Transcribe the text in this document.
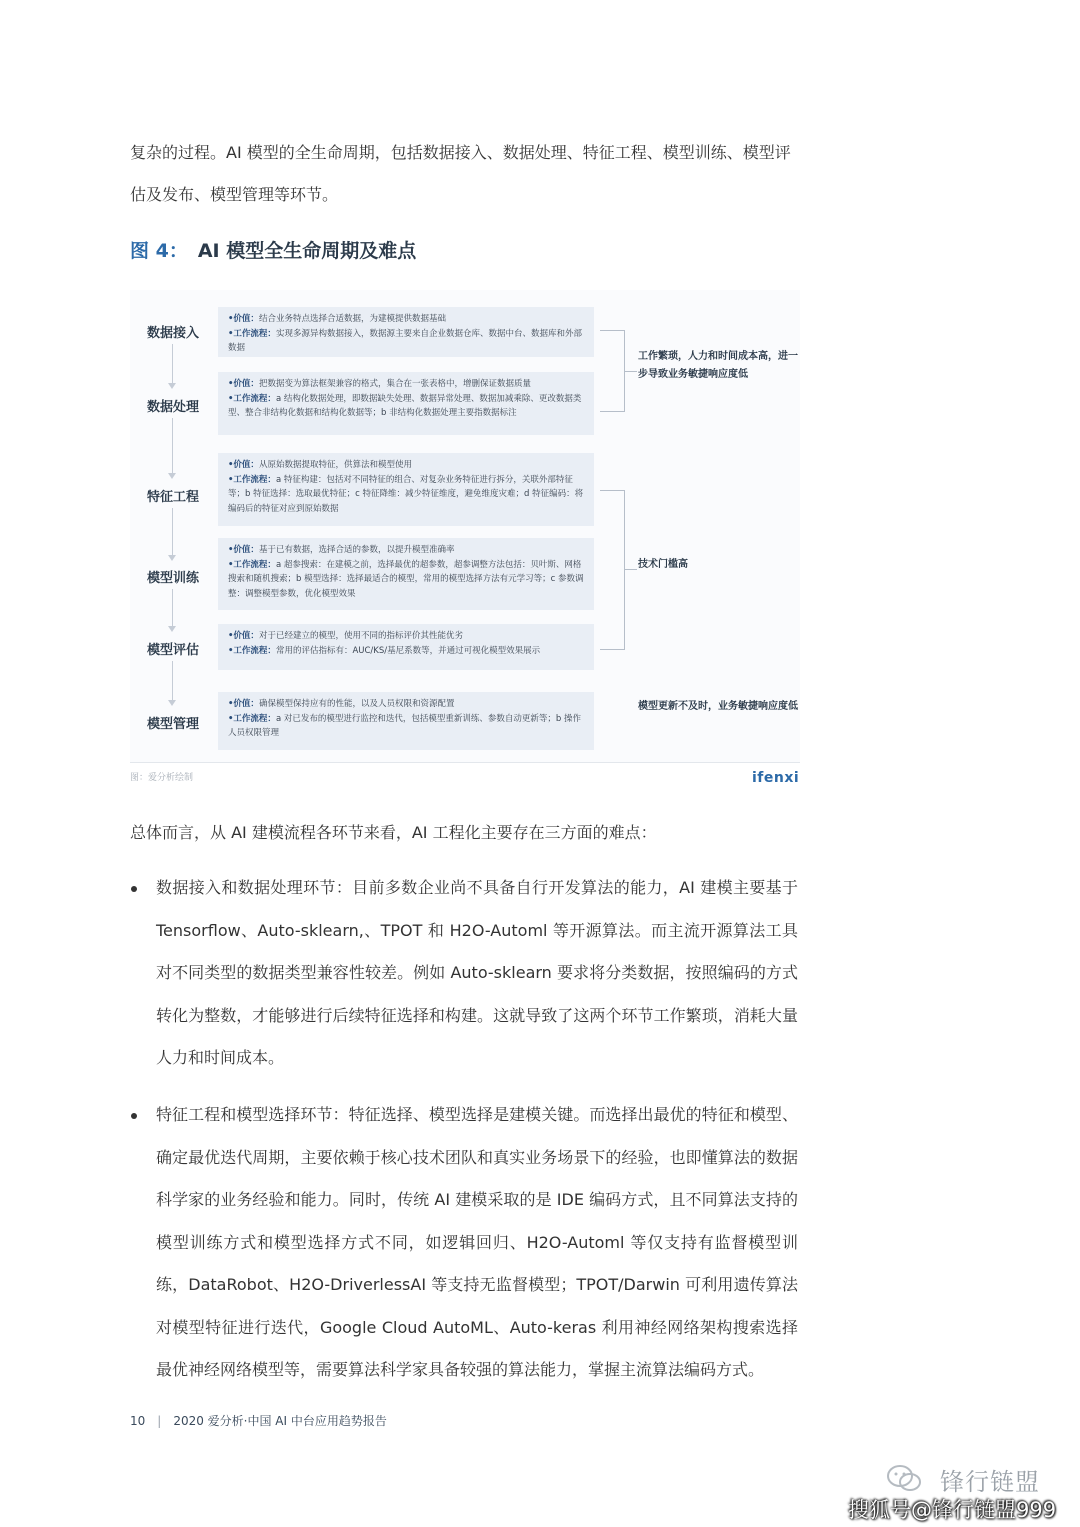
复杂的过程。AI 模型的全生命周期，包括数据接入、数据处理、特征工程、模型训练、模型评估及发布、模型管理等环节。
图 4： AI 模型全生命周期及难点
数据接入
数据处理
特征工程
模型训练
模型评估
模型管理
•价值：结合业务特点选择合适数据，为建模提供数据基础
•工作流程：实现多源异构数据接入，数据源主要来自企业数据仓库、数据中台、数据库和外部数据
•价值：把数据变为算法框架兼容的格式，集合在一张表格中，增删保证数据质量
•工作流程：a 结构化数据处理，即数据缺失处理、数据异常处理、数据加减乘除、更改数据类型、整合非结构化数据和结构化数据等；b 非结构化数据处理主要指数据标注
•价值：从原始数据提取特征，供算法和模型使用
•工作流程：a 特征构建：包括对不同特征的组合、对复杂业务特征进行拆分，关联外部特征等；b 特征选择：选取最优特征；c 特征降维：减少特征维度，避免维度灾难；d 特征编码：将编码后的特征对应到原始数据
•价值：基于已有数据，选择合适的参数，以提升模型准确率
•工作流程：a 超参搜索：在建模之前，选择最优的超参数，超参调整方法包括：贝叶斯、网格搜索和随机搜索；b 模型选择：选择最适合的模型，常用的模型选择方法有元学习等；c 参数调整：调整模型参数，优化模型效果
•价值：对于已经建立的模型，使用不同的指标评价其性能优劣
•工作流程：常用的评估指标有：AUC/KS/基尼系数等，并通过可视化模型效果展示
•价值：确保模型保持应有的性能，以及人员权限和资源配置
•工作流程：a 对已发布的模型进行监控和迭代，包括模型重新训练、参数自动更新等；b 操作人员权限管理
工作繁琐，人力和时间成本高，进一步导致业务敏捷响应度低
技术门槛高
模型更新不及时，业务敏捷响应度低
图：爱分析绘制	ifenxi
总体而言，从 AI 建模流程各环节来看，AI 工程化主要存在三方面的难点：
数据接入和数据处理环节：目前多数企业尚不具备自行开发算法的能力，AI 建模主要基于 Tensorflow、Auto-sklearn,、TPOT 和 H2O-Automl 等开源算法。而主流开源算法工具对不同类型的数据类型兼容性较差。例如 Auto-sklearn 要求将分类数据，按照编码的方式转化为整数，才能够进行后续特征选择和构建。这就导致了这两个环节工作繁琐，消耗大量人力和时间成本。
特征工程和模型选择环节：特征选择、模型选择是建模关键。而选择出最优的特征和模型、确定最优迭代周期，主要依赖于核心技术团队和真实业务场景下的经验，也即懂算法的数据科学家的业务经验和能力。同时，传统 AI 建模采取的是 IDE 编码方式，且不同算法支持的模型训练方式和模型选择方式不同，如逻辑回归、H2O-Automl 等仅支持有监督模型训练，DataRobot、H2O-DriverlessAI 等支持无监督模型；TPOT/Darwin 可利用遗传算法对模型特征进行迭代，Google Cloud AutoML、Auto-keras 利用神经网络架构搜索选择最优神经网络模型等，需要算法科学家具备较强的算法能力，掌握主流算法编码方式。
10 | 2020 爱分析·中国 AI 中台应用趋势报告
锋行链盟
搜狐号@锋行链盟999
